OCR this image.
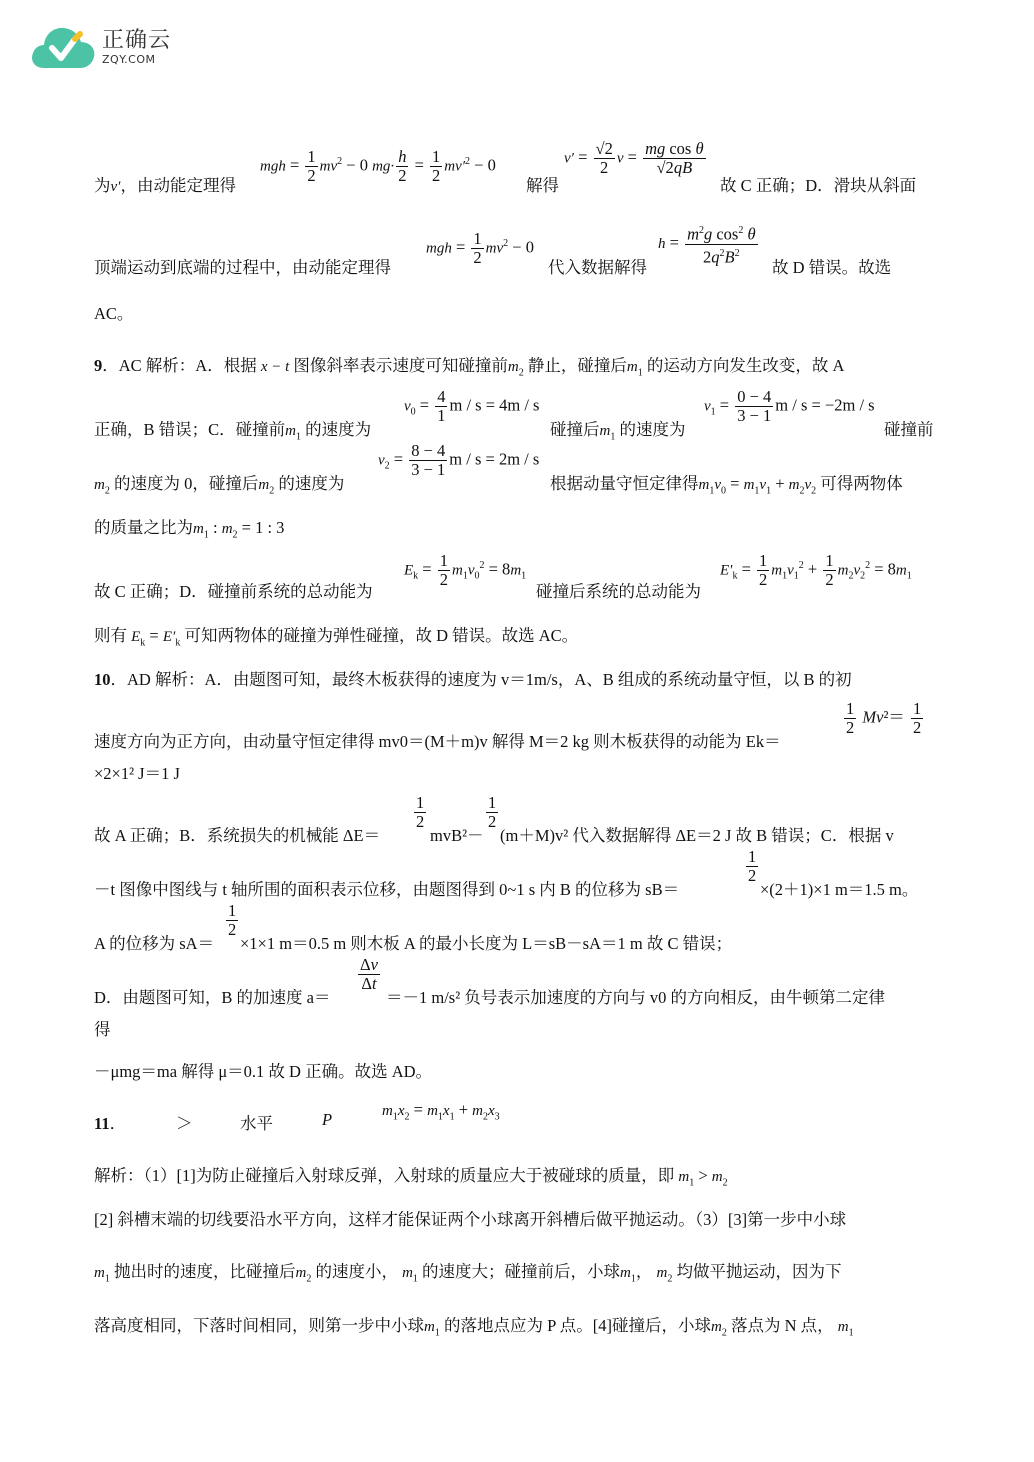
正确云
ZQY.COM
为v′，由动能定理得
mgh = $\frac{1}{2} mv^2 - 0$ $mg\cdot \frac{h}{2} = \frac{1}{2} mv'^2 - 0$
解得
$v' = \frac{√2}{2}$ $v = \frac{\text{mg cos θ}}{√2qB}$
故 C 正确；D．滑块从斜面
顶端运动到底端的过程中，由动能定理得
mgh = $\frac{1}{2} mv^2 - 0$
代入数据解得
$h = \frac{m^2g \cos^2 \theta}{2q^2B^2}$
故 D 错误。故选
AC。
9．AC 解析：A．根据 x − t 图像斜率表示速度可知碰撞前$m_2$ 静止，碰撞后$m_1$ 的运动方向发生改变，故 A
正确，B 错误；C．碰撞前$m_1$ 的速度为
$v_0 = \frac{4}{1}$ m / s = 4m / s
碰撞后$m_1$ 的速度为
$v_1 = \frac{0 - 4}{3 - 1}$ m / s = −2m / s
碰撞前
$m_2$ 的速度为 0，碰撞后$m_2$ 的速度为
$v_2 = \frac{8 - 4}{3 - 1}$ m / s = 2m / s
根据动量守恒定律得$m_1v_0 = m_1v_1 + m_2v_2$ 可得两物体
的质量之比为$m_1$ : $m_2 = 1$ : 3
故 C 正确；D．碰撞前系统的总动能为
$E_k = \frac{1}{2} m_1v_0^2 = 8m_1$
碰撞后系统的总动能为
$E'_k = \frac{1}{2} m_1v_1^2 + \frac{1}{2} m_2v_2^2 = 8m_1$
则有 $E_k = E'_k$ 可知两物体的碰撞为弹性碰撞，故 D 错误。故选 AC。
10．AD 解析：A．由题图可知，最终木板获得的速度为 v＝1m/s，A、B 组成的系统动量守恒，以 B 的初
速度方向为正方向，由动量守恒定律得 mv0＝(M＋m)v 解得 M＝2 kg 则木板获得的动能为 Ek＝
$\frac{1}{2} Mv^2= \frac{1}{2}$
×2×1² J＝1 J
故 A 正确；B．系统损失的机械能 ΔE＝
$\frac{1}{2}$
mvB²－
$\frac{1}{2}$
(m＋M)v² 代入数据解得 ΔE＝2 J 故 B 错误；C．根据 v
－t 图像中图线与 t 轴所围的面积表示位移，由题图得到 0~1 s 内 B 的位移为 sB＝
$\frac{1}{2}$
×(2＋1)×1 m＝1.5 m。
A 的位移为 sA＝
$\frac{1}{2}$
×1×1 m＝0.5 m 则木板 A 的最小长度为 L＝sB－sA＝1 m 故 C 错误；
D．由题图可知，B 的加速度 a＝
$\frac{\Delta v}{\Delta t}$
＝－1 m/s² 负号表示加速度的方向与 v0 的方向相反，由牛顿第二定律
得
－μmg＝ma 解得 μ＝0.1 故 D 正确。故选 AD。
11．	＞	水平	P	$m_1x_2 = m_1x_1 + m_2x_3$
解析：（1）[1]为防止碰撞后入射球反弹，入射球的质量应大于被碰球的质量，即 $m_1 > m_2$
[2] 斜槽末端的切线要沿水平方向，这样才能保证两个小球离开斜槽后做平抛运动。（3）[3]第一步中小球
$m_1$ 抛出时的速度，比碰撞后$m_2$ 的速度小， $m_1$ 的速度大；碰撞前后，小球$m_1$， $m_2$ 均做平抛运动，因为下
落高度相同，下落时间相同，则第一步中小球$m_1$ 的落地点应为 P 点。[4]碰撞后，小球$m_2$ 落点为 N 点， $m_1$
